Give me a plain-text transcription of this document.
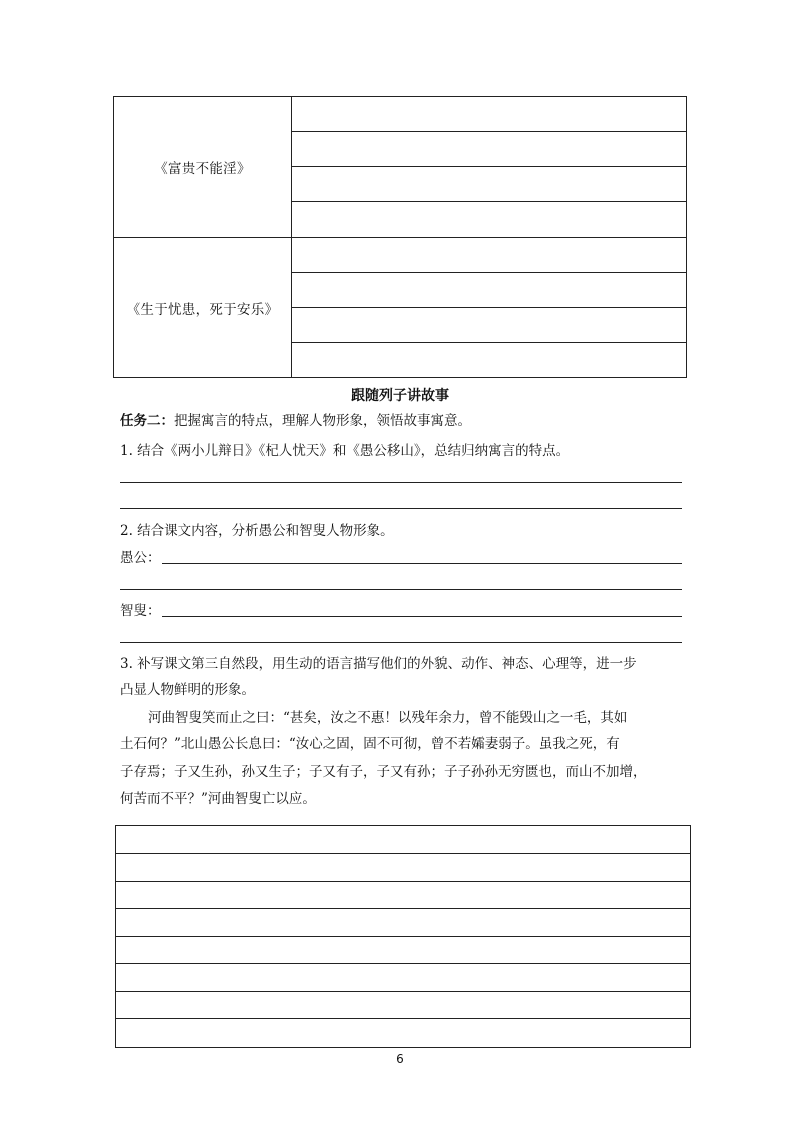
《富贵不能淫》
《生于忧患，死于安乐》
跟随列子讲故事
任务二：把握寓言的特点，理解人物形象，领悟故事寓意。
1. 结合《两小儿辩日》《杞人忧天》和《愚公移山》，总结归纳寓言的特点。
2. 结合课文内容，分析愚公和智叟人物形象。
愚公：
智叟：
3. 补写课文第三自然段，用生动的语言描写他们的外貌、动作、神态、心理等，进一步
凸显人物鲜明的形象。
河曲智叟笑而止之曰：“甚矣，汝之不惠！以残年余力，曾不能毁山之一毛，其如
土石何？”北山愚公长息曰：“汝心之固，固不可彻，曾不若孀妻弱子。虽我之死，有
子存焉；子又生孙，孙又生子；子又有子，子又有孙；子子孙孙无穷匮也，而山不加增，
何苦而不平？”河曲智叟亡以应。
6
